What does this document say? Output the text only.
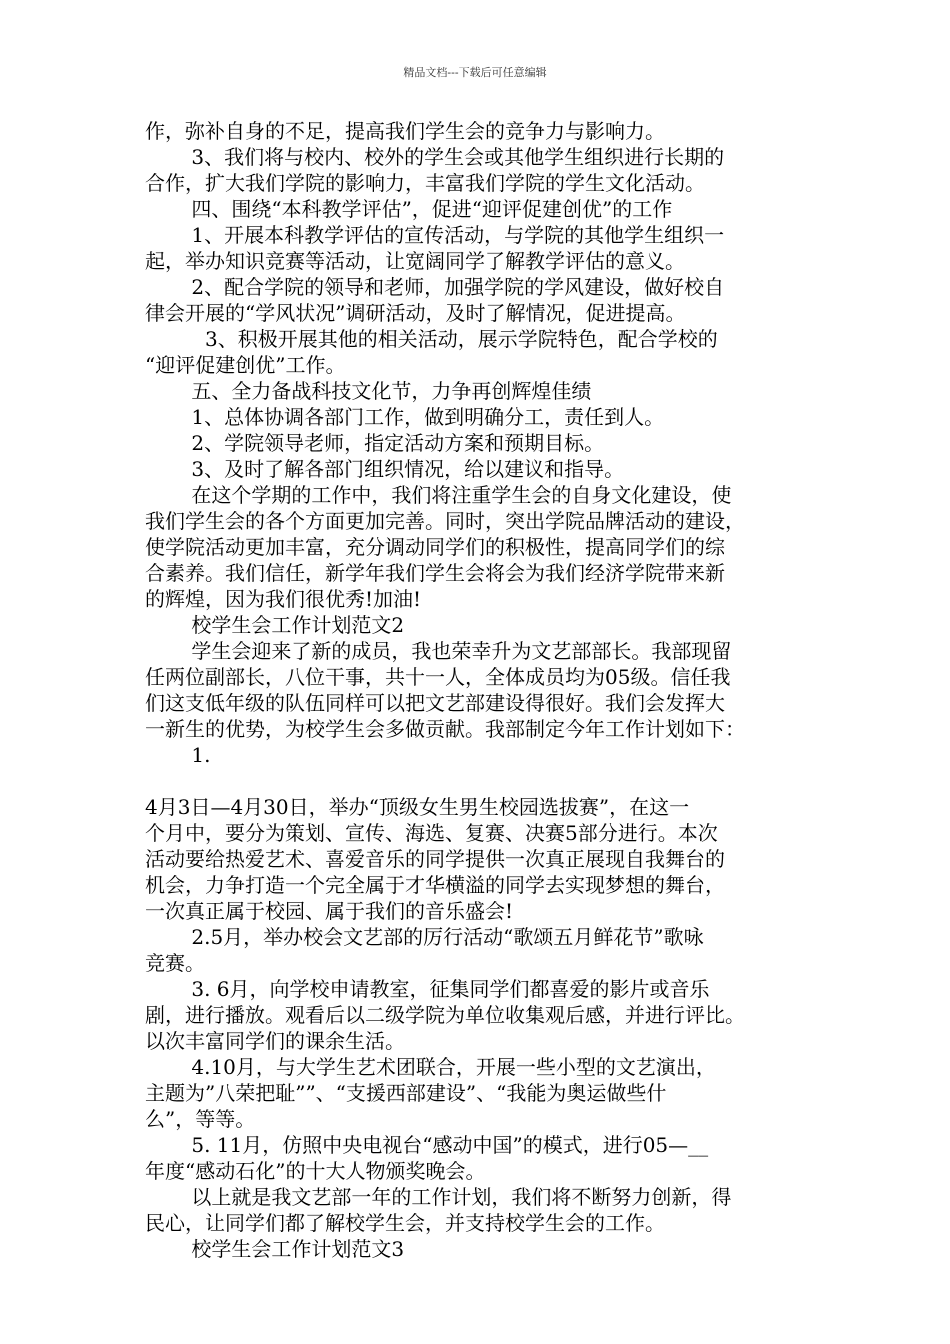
精品文档---下载后可任意编辑
作，弥补自身的不足，提高我们学生会的竞争力与影响力。
　　 3、我们将与校内、校外的学生会或其他学生组织进行长期的
合作，扩大我们学院的影响力，丰富我们学院的学生文化活动。
　　 四、围绕“本科教学评估”，促进“迎评促建创优”的工作
　　 1、开展本科教学评估的宣传活动，与学院的其他学生组织一
起，举办知识竞赛等活动，让宽阔同学了解教学评估的意义。
　　 2、配合学院的领导和老师，加强学院的学风建设，做好校自
律会开展的“学风状况”调研活动，及时了解情况，促进提高。
　　　3、积极开展其他的相关活动，展示学院特色，配合学校的
“迎评促建创优”工作。
　　 五、全力备战科技文化节，力争再创辉煌佳绩
　　 1、总体协调各部门工作，做到明确分工，责任到人。
　　 2、学院领导老师，指定活动方案和预期目标。
　　 3、及时了解各部门组织情况，给以建议和指导。
　　 在这个学期的工作中，我们将注重学生会的自身文化建设，使
我们学生会的各个方面更加完善。同时，突出学院品牌活动的建设，
使学院活动更加丰富，充分调动同学们的积极性，提高同学们的综
合素养。我们信任，新学年我们学生会将会为我们经济学院带来新
的辉煌，因为我们很优秀!加油!
　　 校学生会工作计划范文2
　　 学生会迎来了新的成员，我也荣幸升为文艺部部长。我部现留
任两位副部长，八位干事，共十一人，全体成员均为05级。信任我
们这支低年级的队伍同样可以把文艺部建设得很好。我们会发挥大
一新生的优势，为校学生会多做贡献。我部制定今年工作计划如下：
　　 1.
4月3日—4月30日，举办“顶级女生男生校园选拔赛”，在这一
个月中，要分为策划、宣传、海选、复赛、决赛5部分进行。本次
活动要给热爱艺术、喜爱音乐的同学提供一次真正展现自我舞台的
机会，力争打造一个完全属于才华横溢的同学去实现梦想的舞台，
一次真正属于校园、属于我们的音乐盛会!
　　 2.5月，举办校会文艺部的厉行活动“歌颂五月鲜花节”歌咏
竞赛。
　　 3. 6月，向学校申请教室，征集同学们都喜爱的影片或音乐
剧，进行播放。观看后以二级学院为单位收集观后感，并进行评比。
以次丰富同学们的课余生活。
　　 4.10月，与大学生艺术团联合，开展一些小型的文艺演出，
主题为”八荣把耻””、“支援西部建设”、“我能为奥运做些什
么”，等等。
　　 5. 11月，仿照中央电视台“感动中国”的模式，进行05—__
年度“感动石化”的十大人物颁奖晚会。
　　 以上就是我文艺部一年的工作计划，我们将不断努力创新，得
民心，让同学们都了解校学生会，并支持校学生会的工作。
　　 校学生会工作计划范文3
